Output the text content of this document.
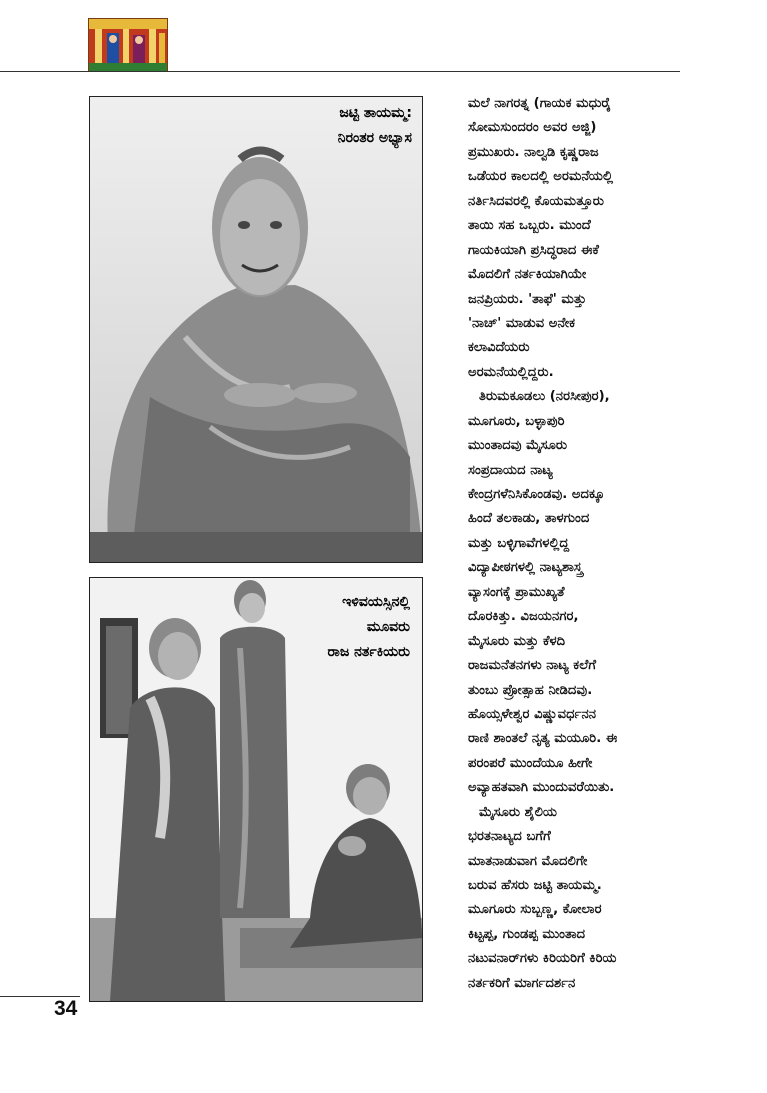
ಜಟ್ಟಿ ತಾಯಮ್ಮ:
ನಿರಂತರ ಅಭ್ಯಾಸ
ಇಳಿವಯಸ್ಸಿನಲ್ಲಿ
ಮೂವರು
ರಾಜ ನರ್ತಕಿಯರು
ಮಲೆ ನಾಗರತ್ನ (ಗಾಯಕ ಮಧುರೈ
ಸೋಮಸುಂದರಂ ಅವರ ಅಜ್ಜಿ)
ಪ್ರಮುಖರು. ನಾಲ್ವಡಿ ಕೃಷ್ಣರಾಜ
ಒಡೆಯರ ಕಾಲದಲ್ಲಿ ಅರಮನೆಯಲ್ಲಿ
ನರ್ತಿಸಿದವರಲ್ಲಿ ಕೊಯಮತ್ತೂರು
ತಾಯಿ ಸಹ ಒಬ್ಬರು. ಮುಂದೆ
ಗಾಯಕಿಯಾಗಿ ಪ್ರಸಿದ್ಧರಾದ ಈಕೆ
ಮೊದಲಿಗೆ ನರ್ತಕಿಯಾಗಿಯೇ
ಜನಪ್ರಿಯರು. 'ತಾಫೆ' ಮತ್ತು
'ನಾಚ್' ಮಾಡುವ ಅನೇಕ
ಕಲಾವಿದೆಯರು
ಅರಮನೆಯಲ್ಲಿದ್ದರು.
ತಿರುಮಕೂಡಲು (ನರಸೀಪುರ),
ಮೂಗೂರು, ಬಳ್ಳಾಪುರಿ
ಮುಂತಾದವು ಮೈಸೂರು
ಸಂಪ್ರದಾಯದ ನಾಟ್ಯ
ಕೇಂದ್ರಗಳೆನಿಸಿಕೊಂಡವು. ಅದಕ್ಕೂ
ಹಿಂದೆ ತಲಕಾಡು, ತಾಳಗುಂದ
ಮತ್ತು ಬಳ್ಳಿಗಾವೆಗಳಲ್ಲಿದ್ದ
ವಿದ್ಯಾಪೀಠಗಳಲ್ಲಿ ನಾಟ್ಯಶಾಸ್ತ್ರ
ವ್ಯಾಸಂಗಕ್ಕೆ ಪ್ರಾಮುಖ್ಯತೆ
ದೊರಕಿತ್ತು. ವಿಜಯನಗರ,
ಮೈಸೂರು ಮತ್ತು ಕೆಳದಿ
ರಾಜಮನೆತನಗಳು ನಾಟ್ಯ ಕಲೆಗೆ
ತುಂಬು ಪ್ರೋತ್ಸಾಹ ನೀಡಿದವು.
ಹೊಯ್ಸಳೇಶ್ವರ ವಿಷ್ಣುವರ್ಧನನ
ರಾಣಿ ಶಾಂತಲೆ ನೃತ್ಯ ಮಯೂರಿ. ಈ
ಪರಂಪರೆ ಮುಂದೆಯೂ ಹೀಗೇ
ಅವ್ಯಾಹತವಾಗಿ ಮುಂದುವರೆಯಿತು.
ಮೈಸೂರು ಶೈಲಿಯ
ಭರತನಾಟ್ಯದ ಬಗೆಗೆ
ಮಾತನಾಡುವಾಗ ಮೊದಲಿಗೇ
ಬರುವ ಹೆಸರು ಜಟ್ಟಿ ತಾಯಮ್ಮ.
ಮೂಗೂರು ಸುಬ್ಬಣ್ಣ, ಕೋಲಾರ
ಕಿಟ್ಟಪ್ಪ, ಗುಂಡಪ್ಪ ಮುಂತಾದ
ನಟುವನಾರ್‌ಗಳು ಕಿರಿಯರಿಗೆ ಕಿರಿಯ
ನರ್ತಕರಿಗೆ ಮಾರ್ಗದರ್ಶನ
34
